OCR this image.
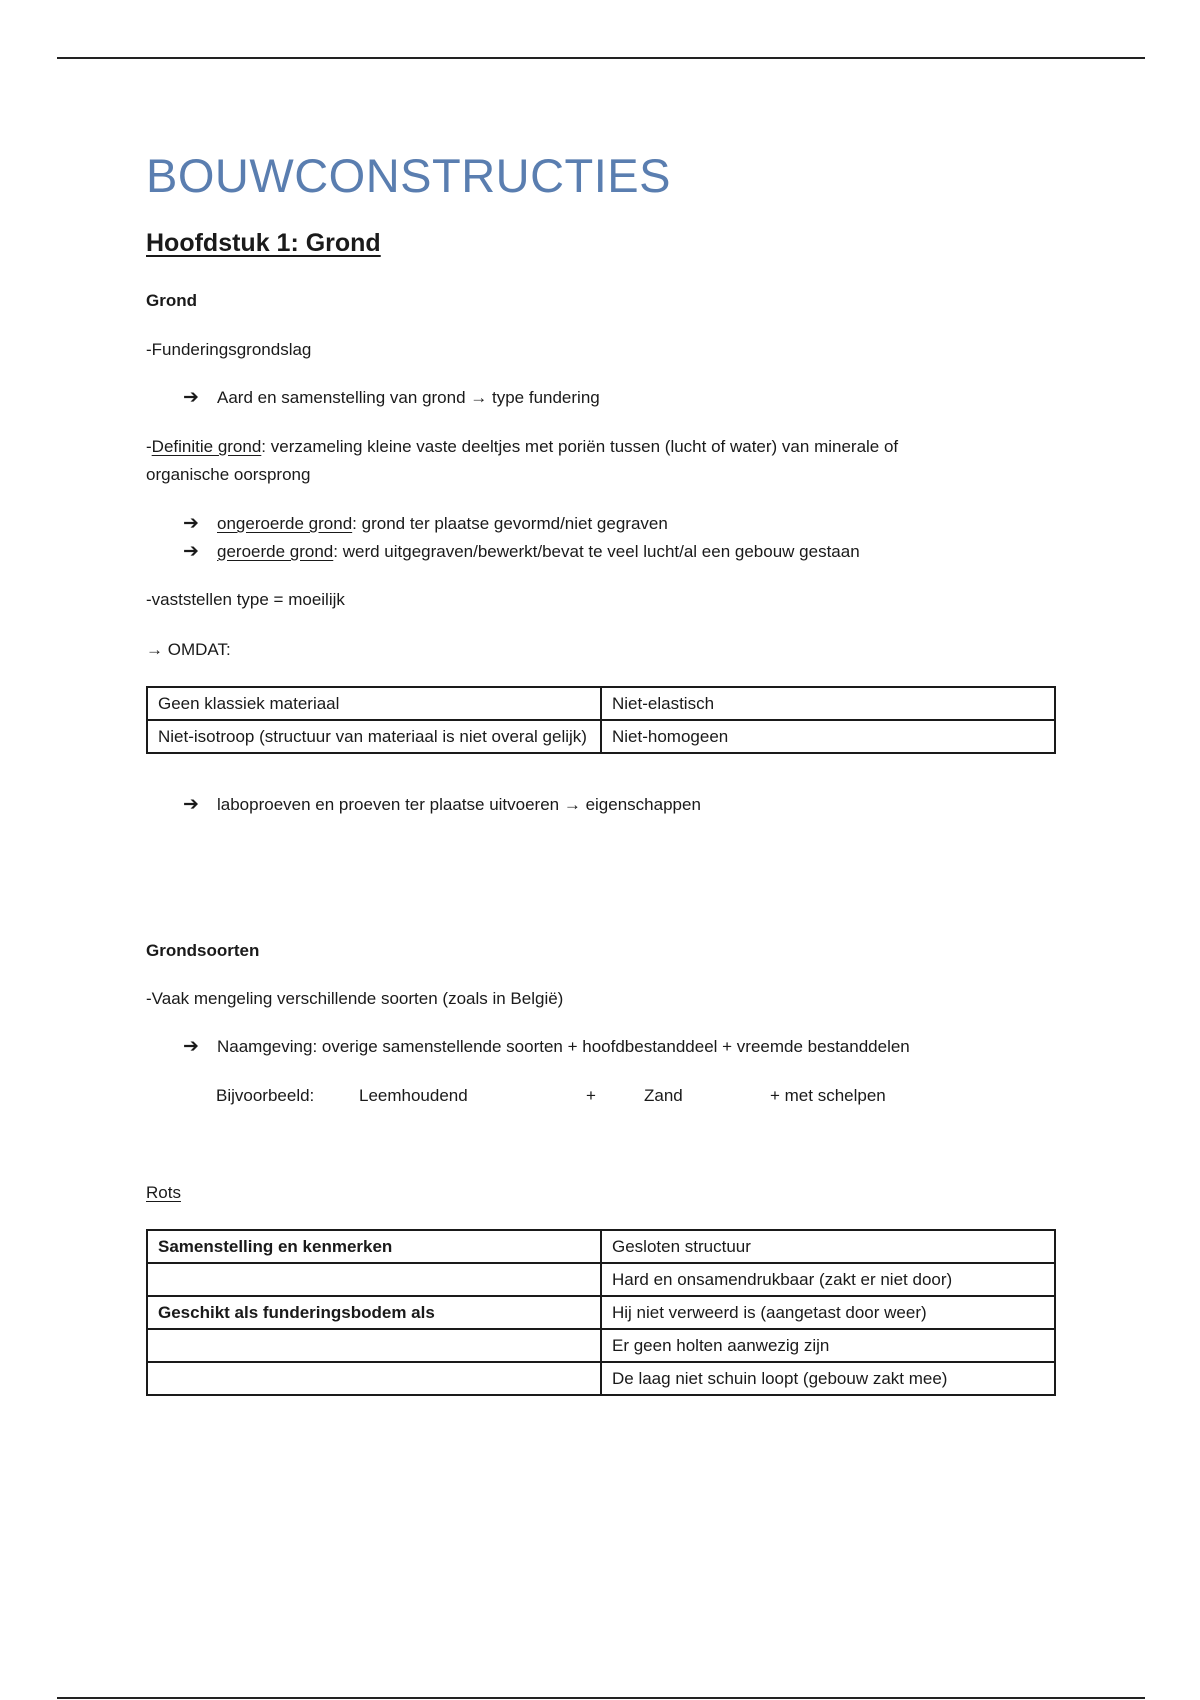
BOUWCONSTRUCTIES
Hoofdstuk 1: Grond
Grond
-Funderingsgrondslag
➔ Aard en samenstelling van grond → type fundering
-Definitie grond: verzameling kleine vaste deeltjes met poriën tussen (lucht of water) van minerale of
organische oorsprong
➔ ongeroerde grond: grond ter plaatse gevormd/niet gegraven
➔ geroerde grond: werd uitgegraven/bewerkt/bevat te veel lucht/al een gebouw gestaan
-vaststellen type = moeilijk
→ OMDAT:
Geen klassiek materiaal	Niet-elastisch
Niet-isotroop (structuur van materiaal is niet overal gelijk)	Niet-homogeen
➔ laboproeven en proeven ter plaatse uitvoeren → eigenschappen
Grondsoorten
-Vaak mengeling verschillende soorten (zoals in België)
➔ Naamgeving: overige samenstellende soorten + hoofdbestanddeel + vreemde bestanddelen
Bijvoorbeeld:	Leemhoudend	+	Zand	+ met schelpen
Rots
Samenstelling en kenmerken	Gesloten structuur
	Hard en onsamendrukbaar (zakt er niet door)
Geschikt als funderingsbodem als	Hij niet verweerd is (aangetast door weer)
	Er geen holten aanwezig zijn
	De laag niet schuin loopt (gebouw zakt mee)
